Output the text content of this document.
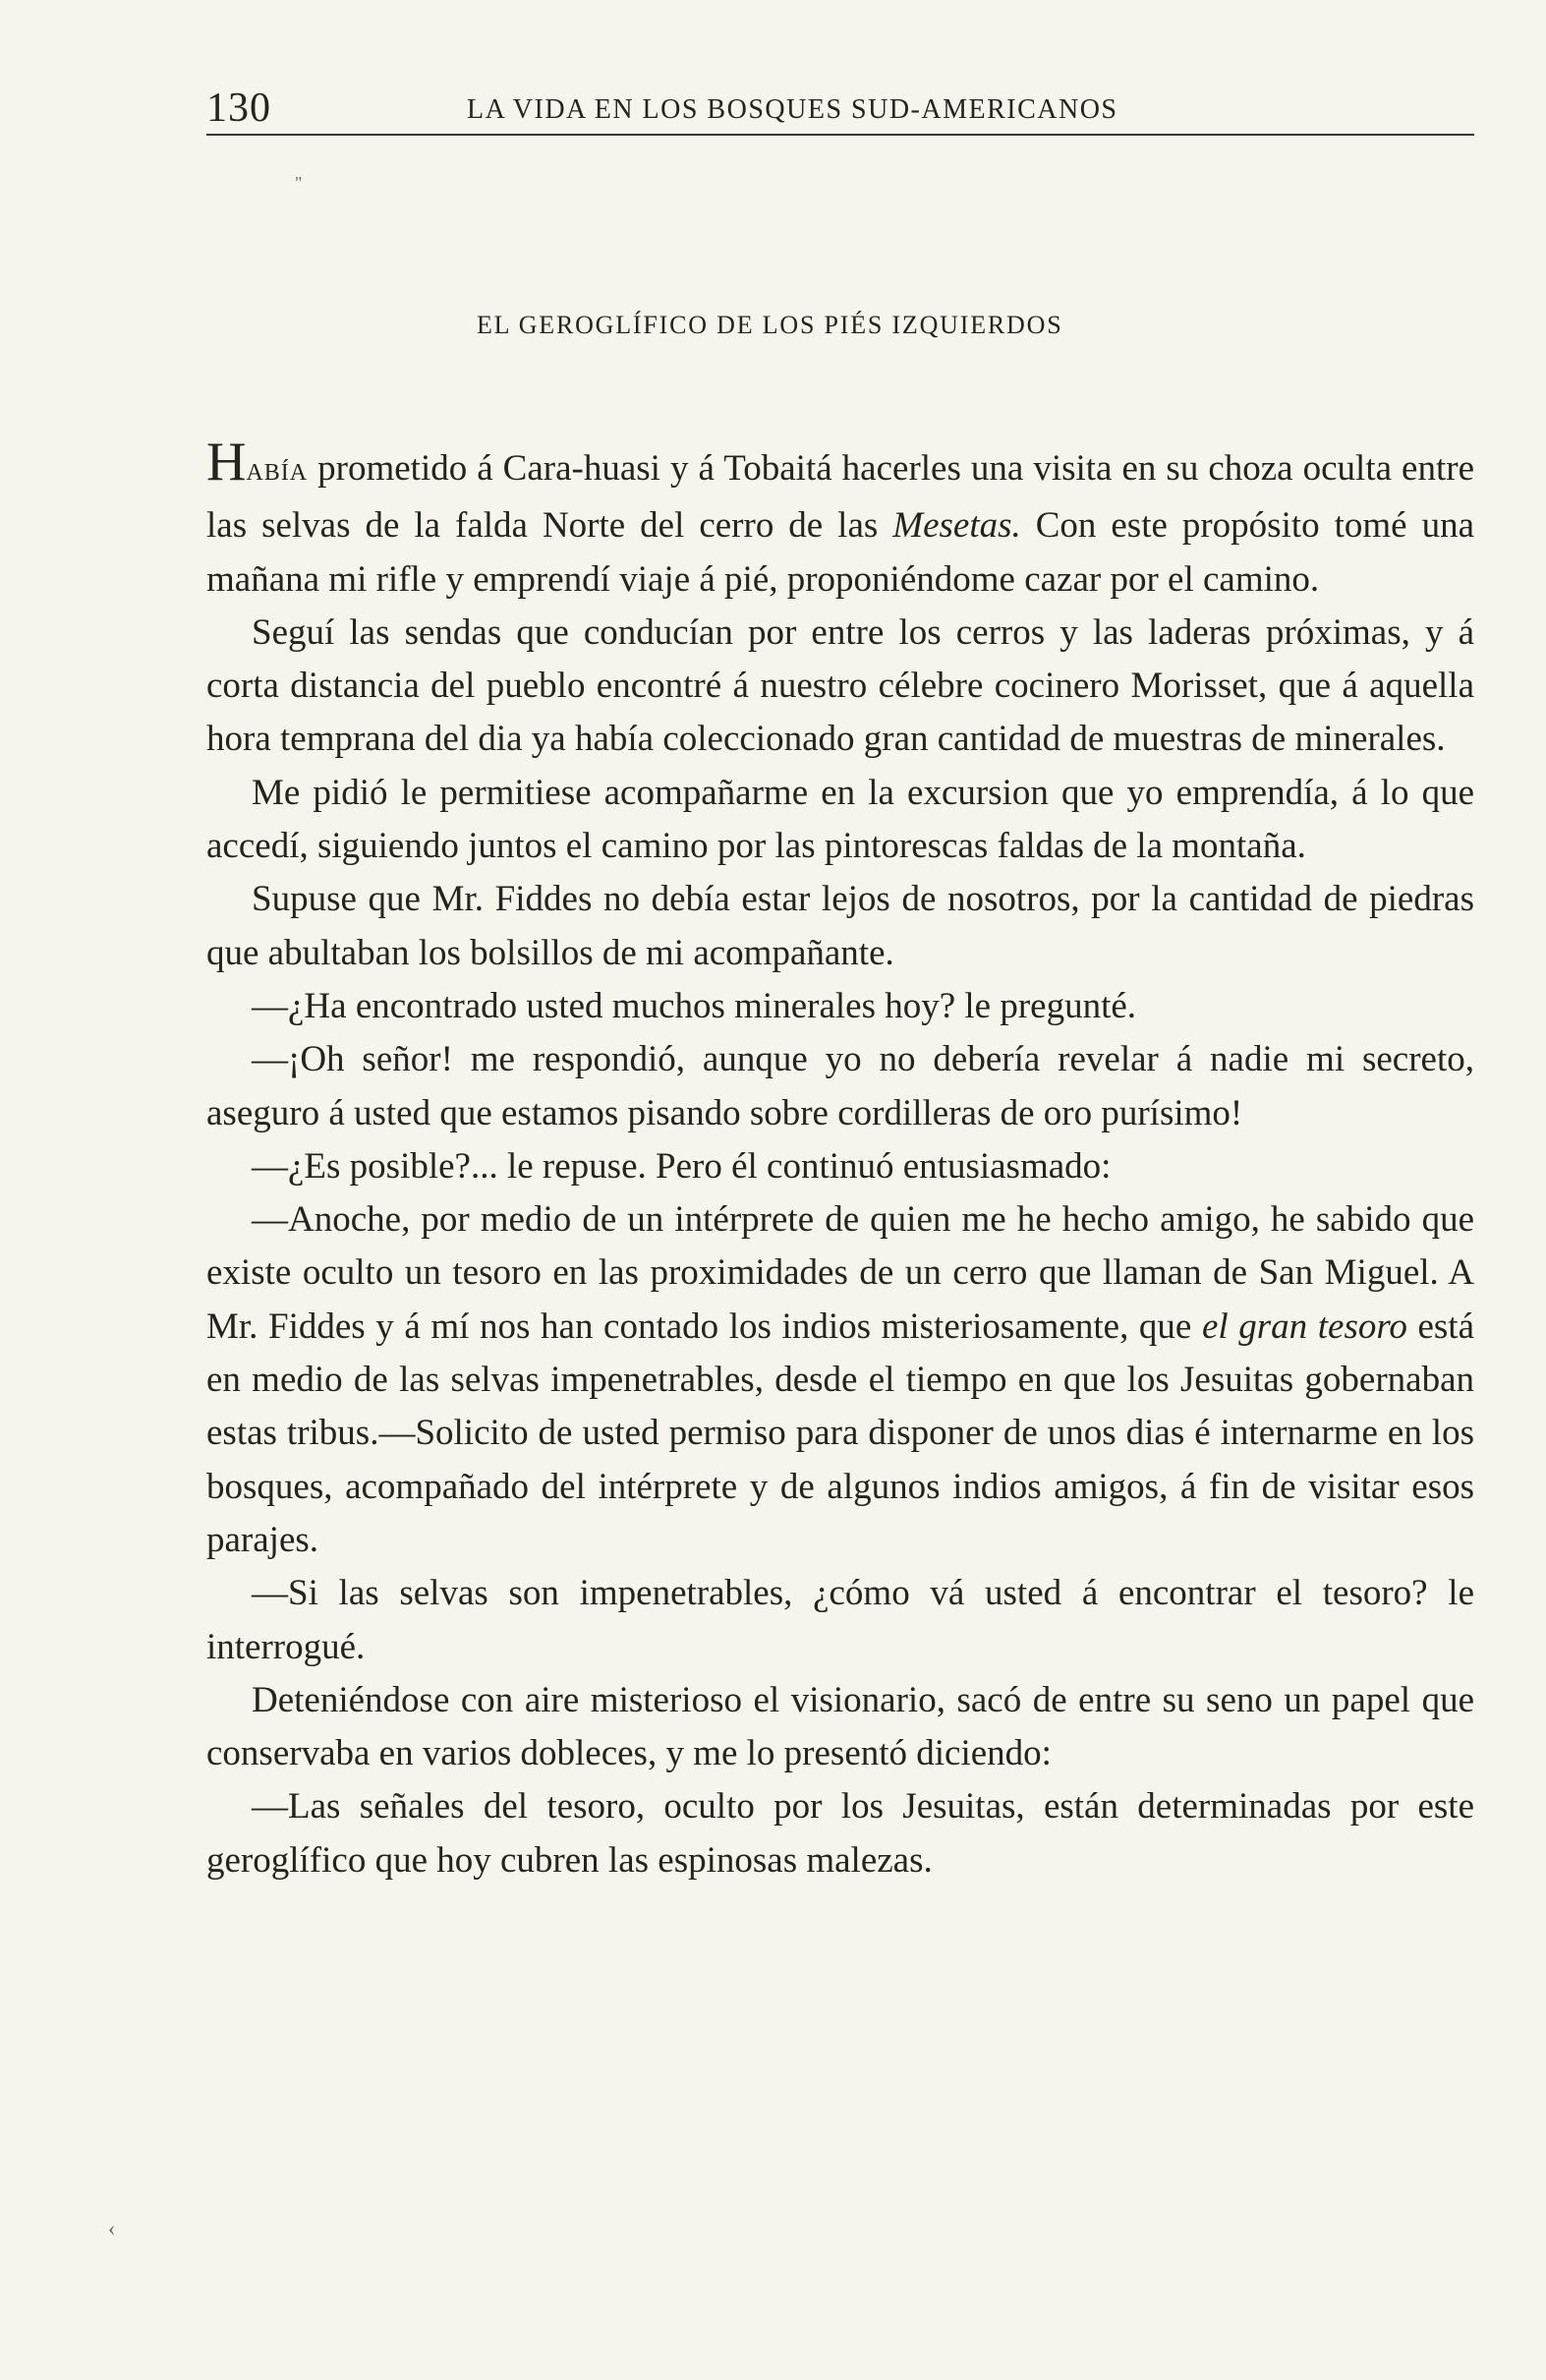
130	LA VIDA EN LOS BOSQUES SUD-AMERICANOS
"
EL GEROGLÍFICO DE LOS PIÉS IZQUIERDOS

HABÍA prometido á Cara-huasi y á Tobaitá hacerles una visita en su choza oculta entre las selvas de la falda Norte del cerro de las Mesetas. Con este propósito tomé una mañana mi rifle y emprendí viaje á pié, proponiéndome cazar por el camino.

Seguí las sendas que conducían por entre los cerros y las laderas próximas, y á corta distancia del pueblo encontré á nuestro célebre cocinero Morisset, que á aquella hora temprana del dia ya había coleccionado gran cantidad de muestras de minerales.

Me pidió le permitiese acompañarme en la excursion que yo emprendía, á lo que accedí, siguiendo juntos el camino por las pintorescas faldas de la montaña.

Supuse que Mr. Fiddes no debía estar lejos de nosotros, por la cantidad de piedras que abultaban los bolsillos de mi acompañante.

—¿Ha encontrado usted muchos minerales hoy? le pregunté.

—¡Oh señor! me respondió, aunque yo no debería revelar á nadie mi secreto, aseguro á usted que estamos pisando sobre cordilleras de oro purísimo!

—¿Es posible?... le repuse. Pero él continuó entusiasmado:

—Anoche, por medio de un intérprete de quien me he hecho amigo, he sabido que existe oculto un tesoro en las proximidades de un cerro que llaman de San Miguel. A Mr. Fiddes y á mí nos han contado los indios misteriosamente, que el gran tesoro está en medio de las selvas impenetrables, desde el tiempo en que los Jesuitas gobernaban estas tribus.—Solicito de usted permiso para disponer de unos dias é internarme en los bosques, acompañado del intérprete y de algunos indios amigos, á fin de visitar esos parajes.

—Si las selvas son impenetrables, ¿cómo vá usted á encontrar el tesoro? le interrogué.

Deteniéndose con aire misterioso el visionario, sacó de entre su seno un papel que conservaba en varios dobleces, y me lo presentó diciendo:

—Las señales del tesoro, oculto por los Jesuitas, están determinadas por este geroglífico que hoy cubren las espinosas malezas.

‹
